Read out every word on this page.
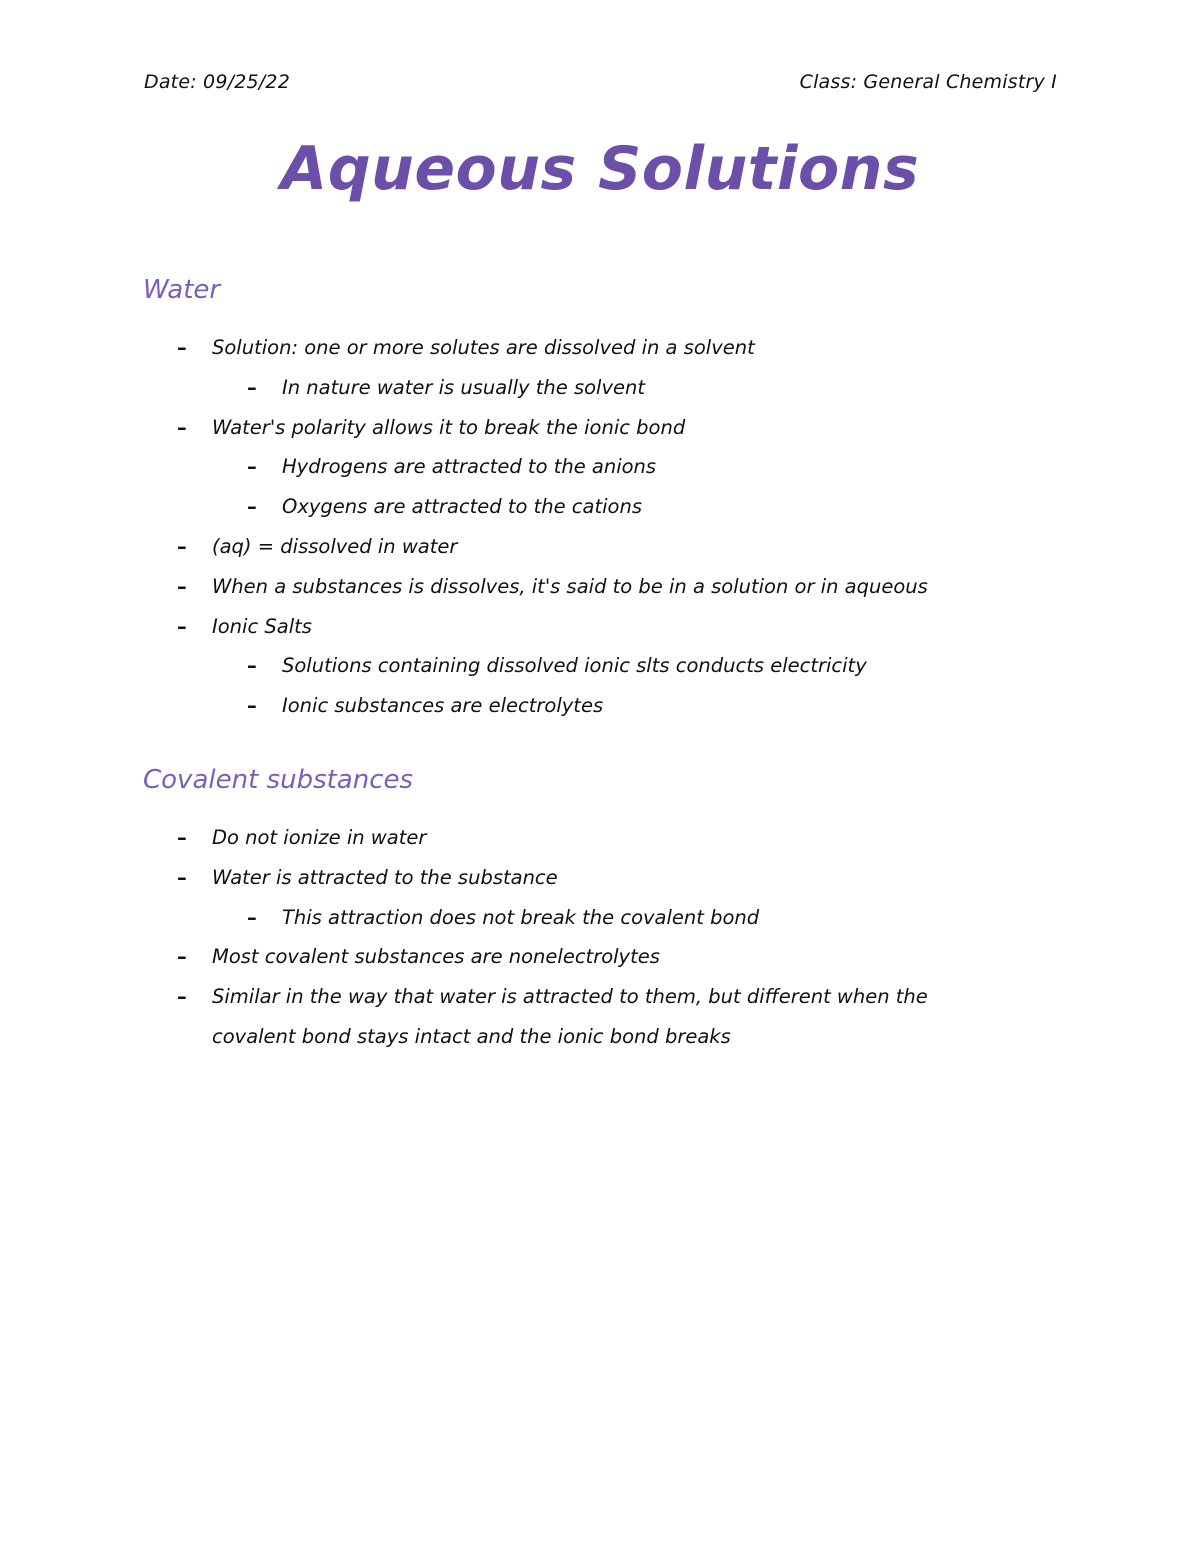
Date: 09/25/22	Class: General Chemistry I
Aqueous Solutions
Water
– Solution: one or more solutes are dissolved in a solvent
– In nature water is usually the solvent
– Water's polarity allows it to break the ionic bond
– Hydrogens are attracted to the anions
– Oxygens are attracted to the cations
– (aq) = dissolved in water
– When a substances is dissolves, it's said to be in a solution or in aqueous
– Ionic Salts
– Solutions containing dissolved ionic slts conducts electricity
– Ionic substances are electrolytes
Covalent substances
– Do not ionize in water
– Water is attracted to the substance
– This attraction does not break the covalent bond
– Most covalent substances are nonelectrolytes
– Similar in the way that water is attracted to them, but different when the covalent bond stays intact and the ionic bond breaks
